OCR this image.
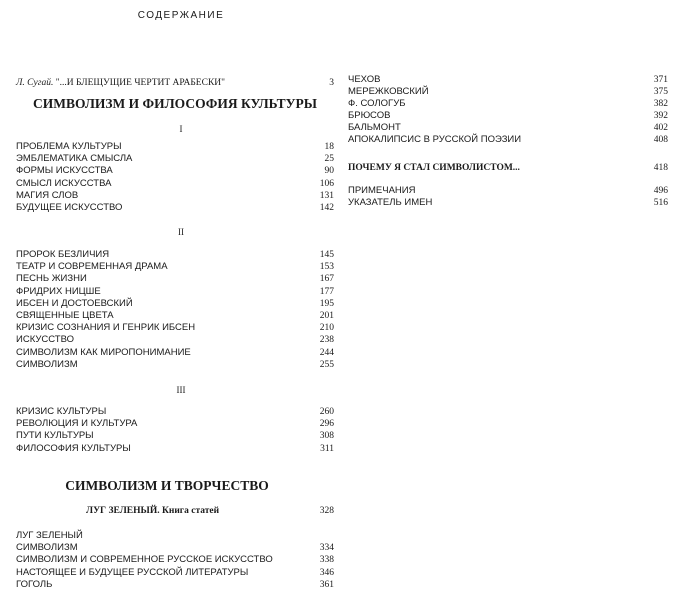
СОДЕРЖАНИЕ
Л. Сугай. "...И БЛЕЩУЩИЕ ЧЕРТИТ АРАБЕСКИ"	3
СИМВОЛИЗМ И ФИЛОСОФИЯ КУЛЬТУРЫ
I
II
III
СИМВОЛИЗМ И ТВОРЧЕСТВО
ЛУГ ЗЕЛЕНЫЙ. Книга статей	328
ПОЧЕМУ Я СТАЛ СИМВОЛИСТОМ...	418
ПРОБЛЕМА КУЛЬТУРЫ	18
ЭМБЛЕМАТИКА СМЫСЛА	25
ФОРМЫ ИСКУССТВА	90
СМЫСЛ ИСКУССТВА	106
МАГИЯ СЛОВ	131
БУДУЩЕЕ ИСКУССТВО	142
ПРОРОК БЕЗЛИЧИЯ	145
ТЕАТР И СОВРЕМЕННАЯ ДРАМА	153
ПЕСНЬ ЖИЗНИ	167
ФРИДРИХ НИЦШЕ	177
ИБСЕН И ДОСТОЕВСКИЙ	195
СВЯЩЕННЫЕ ЦВЕТА	201
КРИЗИС СОЗНАНИЯ И ГЕНРИК ИБСЕН	210
ИСКУССТВО	238
СИМВОЛИЗМ КАК МИРОПОНИМАНИЕ	244
СИМВОЛИЗМ	255
КРИЗИС КУЛЬТУРЫ	260
РЕВОЛЮЦИЯ И КУЛЬТУРА	296
ПУТИ КУЛЬТУРЫ	308
ФИЛОСОФИЯ КУЛЬТУРЫ	311
ЛУГ ЗЕЛЕНЫЙ
СИМВОЛИЗМ	334
СИМВОЛИЗМ И СОВРЕМЕННОЕ РУССКОЕ ИСКУССТВО	338
НАСТОЯЩЕЕ И БУДУЩЕЕ РУССКОЙ ЛИТЕРАТУРЫ	346
ГОГОЛЬ	361
ЧЕХОВ	371
МЕРЕЖКОВСКИЙ	375
Ф. СОЛОГУБ	382
БРЮСОВ	392
БАЛЬМОНТ	402
АПОКАЛИПСИС В РУССКОЙ ПОЭЗИИ	408
ПРИМЕЧАНИЯ	496
УКАЗАТЕЛЬ ИМЕН	516
